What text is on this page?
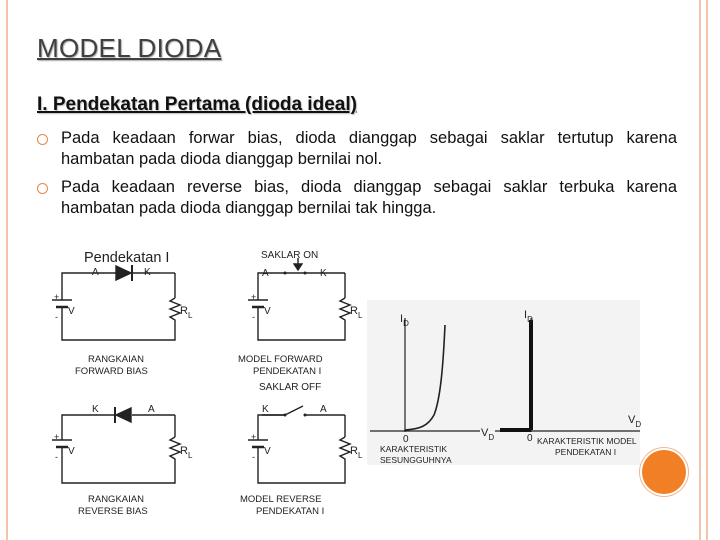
MODEL DIODA
I. Pendekatan Pertama (dioda ideal)
Pada keadaan forwar bias, dioda dianggap sebagai saklar tertutup karena hambatan pada dioda dianggap bernilai nol.
Pada keadaan reverse bias, dioda dianggap sebagai saklar terbuka karena hambatan pada dioda dianggap bernilai tak hingga.
Pendekatan I
A	K
+
- V	$R_L$
SAKLAR ON
A	K
+
- V	$R_L$
RANGKAIAN FORWARD BIAS
MODEL FORWARD PENDEKATAN I
SAKLAR OFF
K	A
+
- V	$R_L$
K	A
+
- V	$R_L$
RANGKAIAN REVERSE BIAS
MODEL REVERSE PENDEKATAN I
$I_D$
$V_D$
0
KARAKTERISTIK SESUNGGUHNYA
$I_D$
$V_D$
0 KARAKTERISTIK MODEL PENDEKATAN I
